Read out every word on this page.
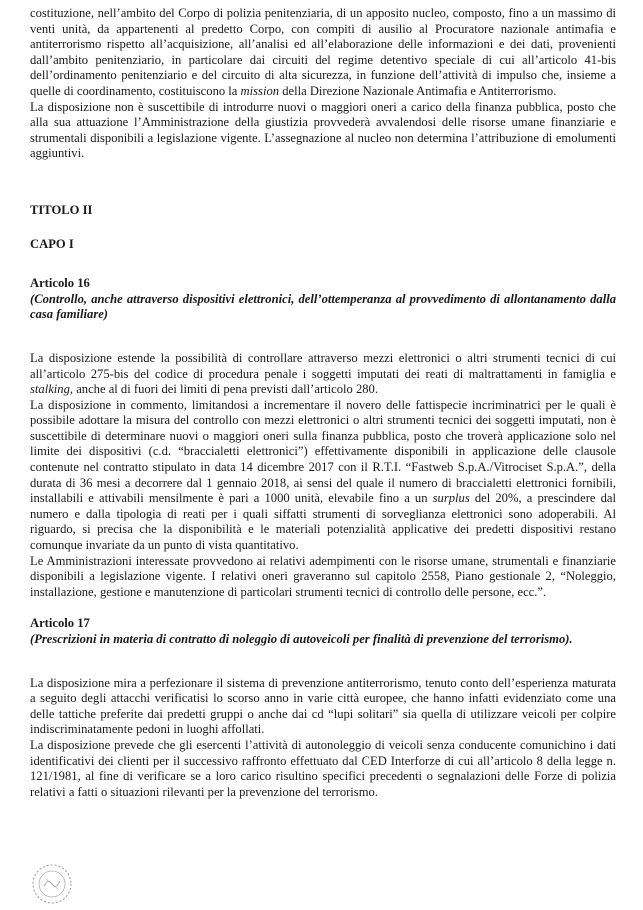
costituzione, nell’ambito del Corpo di polizia penitenziaria, di un apposito nucleo, composto, fino a un massimo di venti unità, da appartenenti al predetto Corpo, con compiti di ausilio al Procuratore nazionale antimafia e antiterrorismo rispetto all’acquisizione, all’analisi ed all’elaborazione delle informazioni e dei dati, provenienti dall’ambito penitenziario, in particolare dai circuiti del regime detentivo speciale di cui all’articolo 41-bis dell’ordinamento penitenziario e del circuito di alta sicurezza, in funzione dell’attività di impulso che, insieme a quelle di coordinamento, costituiscono la mission della Direzione Nazionale Antimafia e Antiterrorismo.

La disposizione non è suscettibile di introdurre nuovi o maggiori oneri a carico della finanza pubblica, posto che alla sua attuazione l’Amministrazione della giustizia provvederà avvalendosi delle risorse umane finanziarie e strumentali disponibili a legislazione vigente. L’assegnazione al nucleo non determina l’attribuzione di emolumenti aggiuntivi.

TITOLO II

CAPO I

Articolo 16

(Controllo, anche attraverso dispositivi elettronici, dell’ottemperanza al provvedimento di allontanamento dalla casa familiare)

La disposizione estende la possibilità di controllare attraverso mezzi elettronici o altri strumenti tecnici di cui all’articolo 275-bis del codice di procedura penale i soggetti imputati dei reati di maltrattamenti in famiglia e stalking, anche al di fuori dei limiti di pena previsti dall’articolo 280.

La disposizione in commento, limitandosi a incrementare il novero delle fattispecie incriminatrici per le quali è possibile adottare la misura del controllo con mezzi elettronici o altri strumenti tecnici dei soggetti imputati, non è suscettibile di determinare nuovi o maggiori oneri sulla finanza pubblica, posto che troverà applicazione solo nel limite dei dispositivi (c.d. “braccialetti elettronici”) effettivamente disponibili in applicazione delle clausole contenute nel contratto stipulato in data 14 dicembre 2017 con il R.T.I. “Fastweb S.p.A./Vitrociset S.p.A.”, della durata di 36 mesi a decorrere dal 1 gennaio 2018, ai sensi del quale il numero di braccialetti elettronici fornibili, installabili e attivabili mensilmente è pari a 1000 unità, elevabile fino a un surplus del 20%, a prescindere dal numero e dalla tipologia di reati per i quali siffatti strumenti di sorveglianza elettronici sono adoperabili. Al riguardo, si precisa che la disponibilità e le materiali potenzialità applicative dei predetti dispositivi restano comunque invariate da un punto di vista quantitativo.

Le Amministrazioni interessate provvedono ai relativi adempimenti con le risorse umane, strumentali e finanziarie disponibili a legislazione vigente. I relativi oneri graveranno sul capitolo 2558, Piano gestionale 2, “Noleggio, installazione, gestione e manutenzione di particolari strumenti tecnici di controllo delle persone, ecc.”.

Articolo 17

(Prescrizioni in materia di contratto di noleggio di autoveicoli per finalità di prevenzione del terrorismo).

La disposizione mira a perfezionare il sistema di prevenzione antiterrorismo, tenuto conto dell’esperienza maturata a seguito degli attacchi verificatisi lo scorso anno in varie città europee, che hanno infatti evidenziato come una delle tattiche preferite dai predetti gruppi o anche dai cd “lupi solitari” sia quella di utilizzare veicoli per colpire indiscriminatamente pedoni in luoghi affollati.

La disposizione prevede che gli esercenti l’attività di autonoleggio di veicoli senza conducente comunichino i dati identificativi dei clienti per il successivo raffronto effettuato dal CED Interforze di cui all’articolo 8 della legge n. 121/1981, al fine di verificare se a loro carico risultino specifici precedenti o segnalazioni delle Forze di polizia relativi a fatti o situazioni rilevanti per la prevenzione del terrorismo.
